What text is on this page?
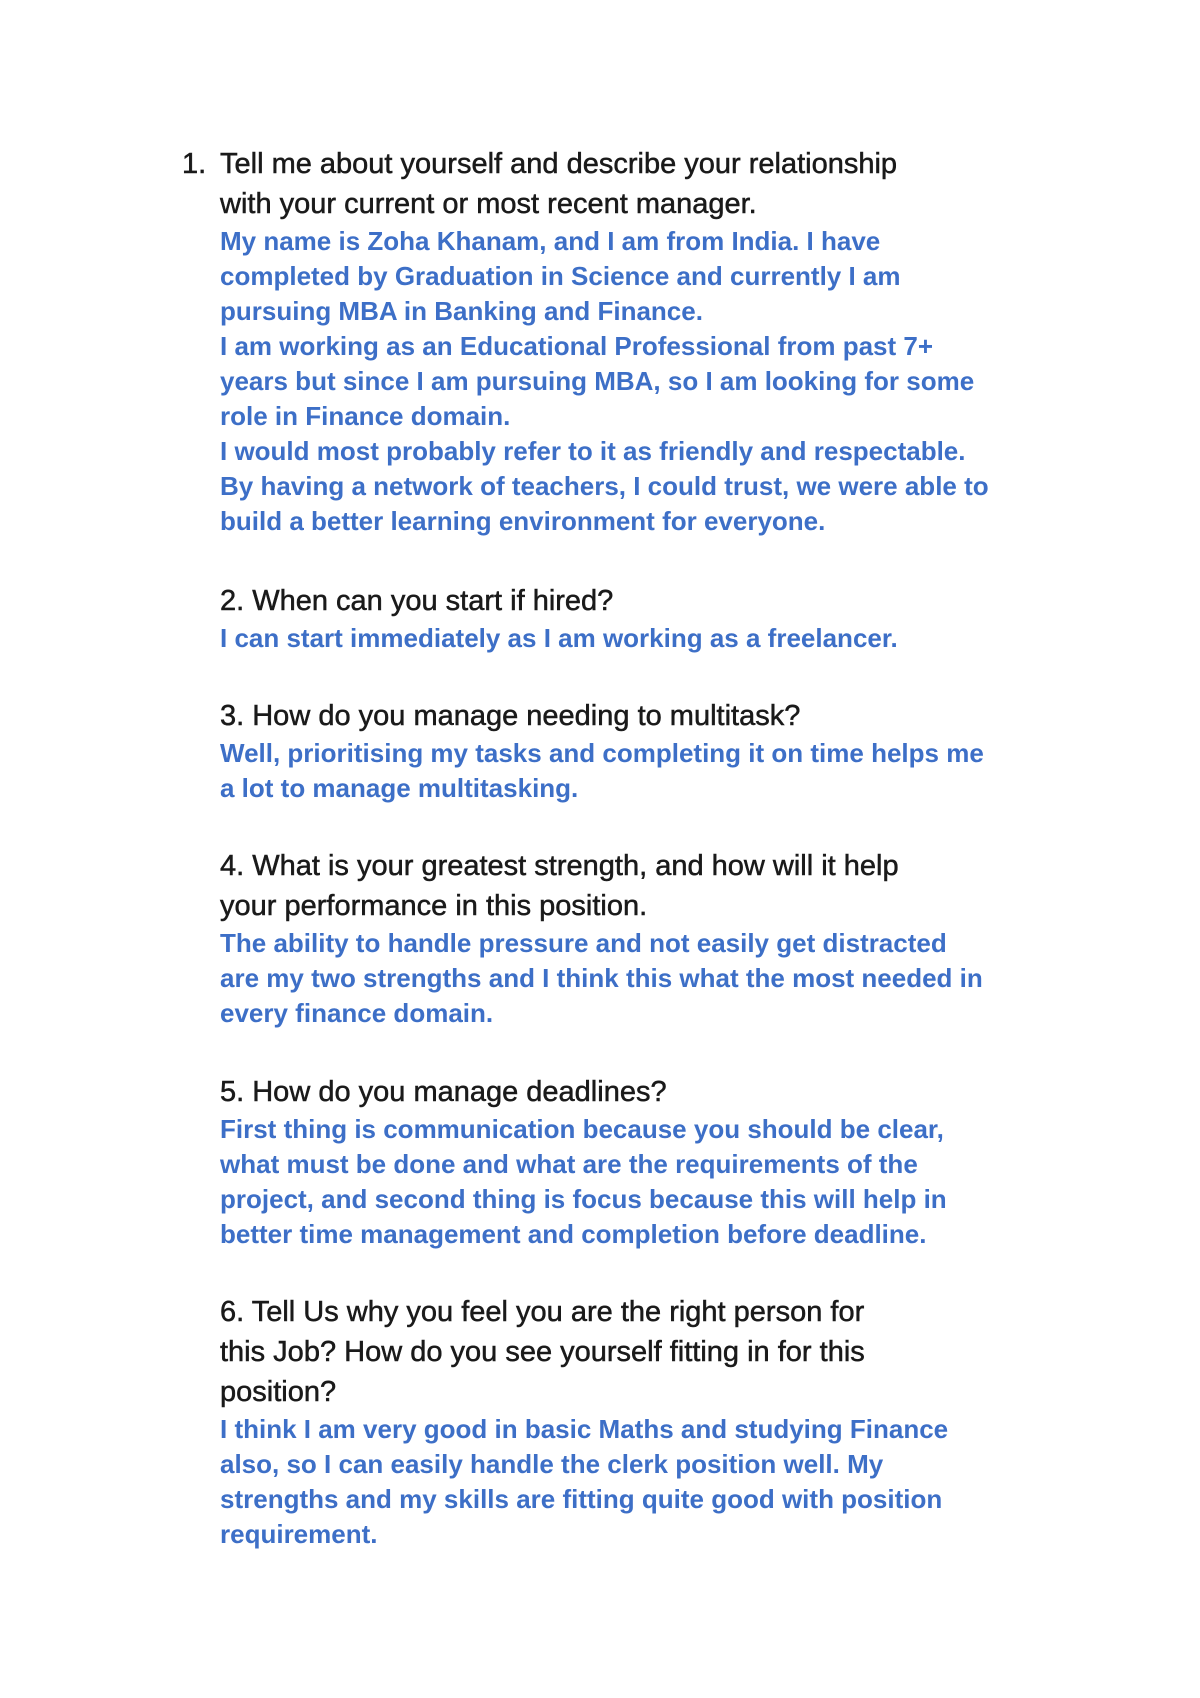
1. Tell me about yourself and describe your relationship
with your current or most recent manager.

My name is Zoha Khanam, and I am from India. I have
completed by Graduation in Science and currently I am
pursuing MBA in Banking and Finance.
I am working as an Educational Professional from past 7+
years but since I am pursuing MBA, so I am looking for some
role in Finance domain.
I would most probably refer to it as friendly and respectable.
By having a network of teachers, I could trust, we were able to
build a better learning environment for everyone.

2. When can you start if hired?

I can start immediately as I am working as a freelancer.

3. How do you manage needing to multitask?

Well, prioritising my tasks and completing it on time helps me
a lot to manage multitasking.

4. What is your greatest strength, and how will it help
your performance in this position.

The ability to handle pressure and not easily get distracted
are my two strengths and I think this what the most needed in
every finance domain.

5. How do you manage deadlines?

First thing is communication because you should be clear,
what must be done and what are the requirements of the
project, and second thing is focus because this will help in
better time management and completion before deadline.

6. Tell Us why you feel you are the right person for
this Job? How do you see yourself fitting in for this
position?

I think I am very good in basic Maths and studying Finance
also, so I can easily handle the clerk position well. My
strengths and my skills are fitting quite good with position
requirement.
